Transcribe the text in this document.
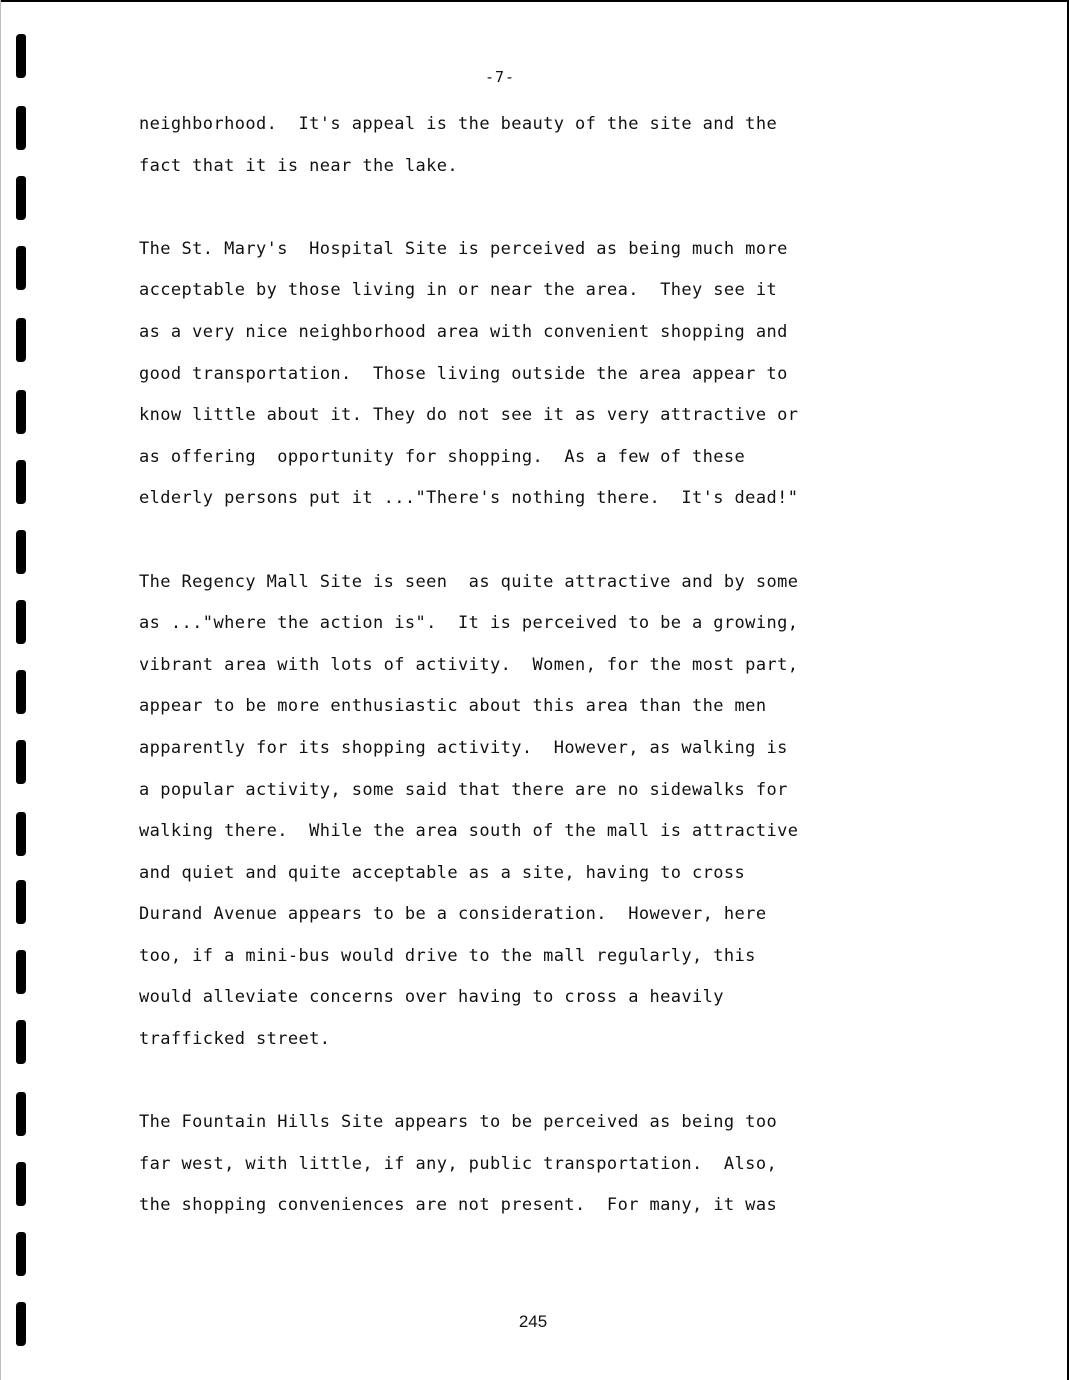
-7-
neighborhood.  It's appeal is the beauty of the site and the
fact that it is near the lake.
The St. Mary's  Hospital Site is perceived as being much more
acceptable by those living in or near the area.  They see it
as a very nice neighborhood area with convenient shopping and
good transportation.  Those living outside the area appear to
know little about it. They do not see it as very attractive or
as offering  opportunity for shopping.  As a few of these
elderly persons put it ..."There's nothing there.  It's dead!"
The Regency Mall Site is seen  as quite attractive and by some
as ..."where the action is".  It is perceived to be a growing,
vibrant area with lots of activity.  Women, for the most part,
appear to be more enthusiastic about this area than the men
apparently for its shopping activity.  However, as walking is
a popular activity, some said that there are no sidewalks for
walking there.  While the area south of the mall is attractive
and quiet and quite acceptable as a site, having to cross
Durand Avenue appears to be a consideration.  However, here
too, if a mini-bus would drive to the mall regularly, this
would alleviate concerns over having to cross a heavily
trafficked street.
The Fountain Hills Site appears to be perceived as being too
far west, with little, if any, public transportation.  Also,
the shopping conveniences are not present.  For many, it was
245
